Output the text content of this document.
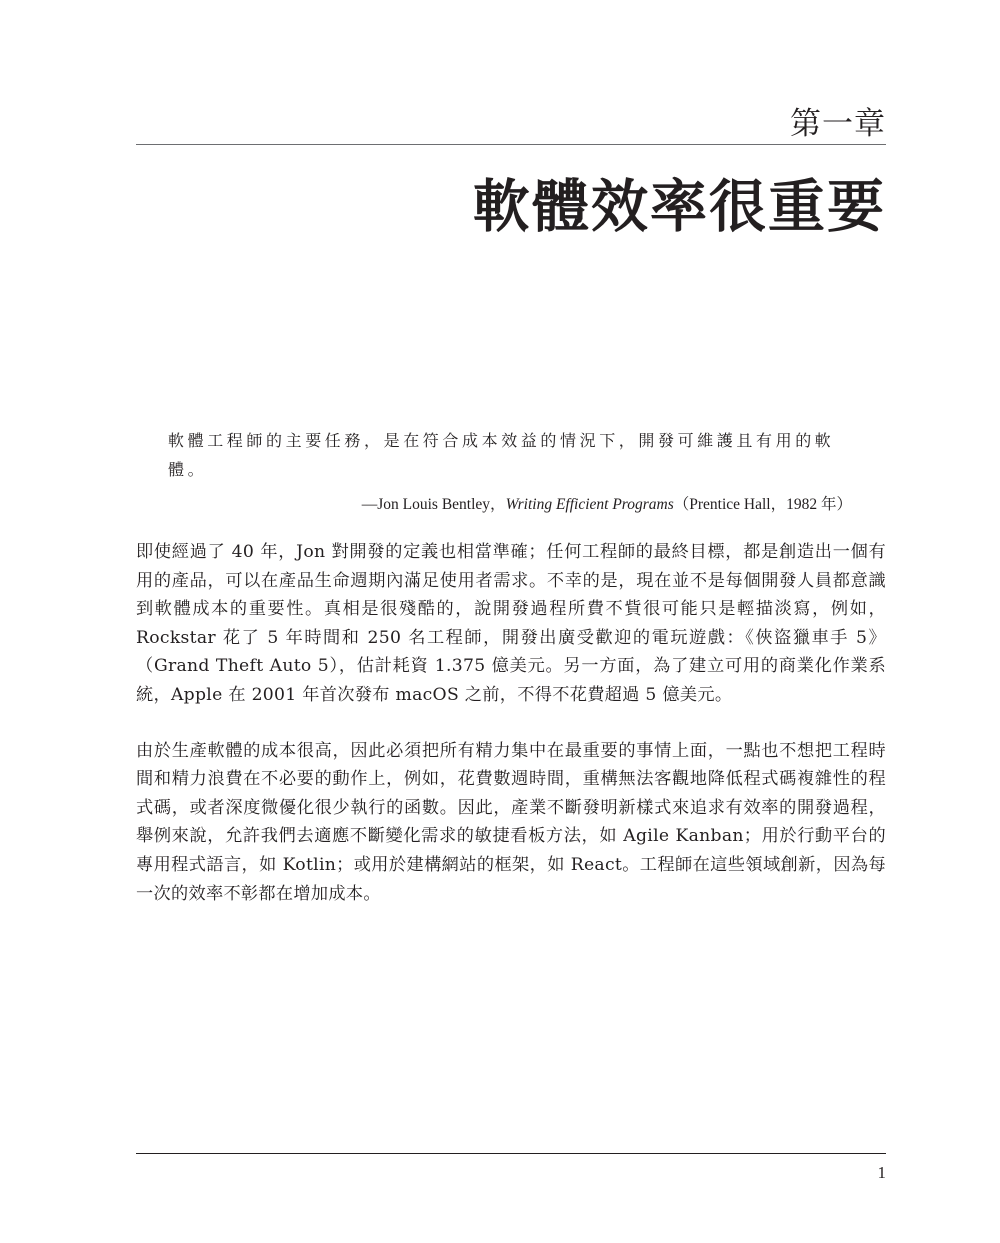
第一章
軟體效率很重要

軟體工程師的主要任務，是在符合成本效益的情況下，開發可維護且有用的軟體。

—Jon Louis Bentley，Writing Efficient Programs（Prentice Hall，1982 年）

即使經過了 40 年，Jon 對開發的定義也相當準確；任何工程師的最終目標，都是創造出一個有用的產品，可以在產品生命週期內滿足使用者需求。不幸的是，現在並不是每個開發人員都意識到軟體成本的重要性。真相是很殘酷的，說開發過程所費不貲很可能只是輕描淡寫，例如，Rockstar 花了 5 年時間和 250 名工程師，開發出廣受歡迎的電玩遊戲：《俠盜獵車手 5》（Grand Theft Auto 5），估計耗資 1.375 億美元。另一方面，為了建立可用的商業化作業系統，Apple 在 2001 年首次發布 macOS 之前，不得不花費超過 5 億美元。

由於生產軟體的成本很高，因此必須把所有精力集中在最重要的事情上面，一點也不想把工程時間和精力浪費在不必要的動作上，例如，花費數週時間，重構無法客觀地降低程式碼複雜性的程式碼，或者深度微優化很少執行的函數。因此，產業不斷發明新樣式來追求有效率的開發過程，舉例來說，允許我們去適應不斷變化需求的敏捷看板方法，如 Agile Kanban；用於行動平台的專用程式語言，如 Kotlin；或用於建構網站的框架，如 React。工程師在這些領域創新，因為每一次的效率不彰都在增加成本。

1
